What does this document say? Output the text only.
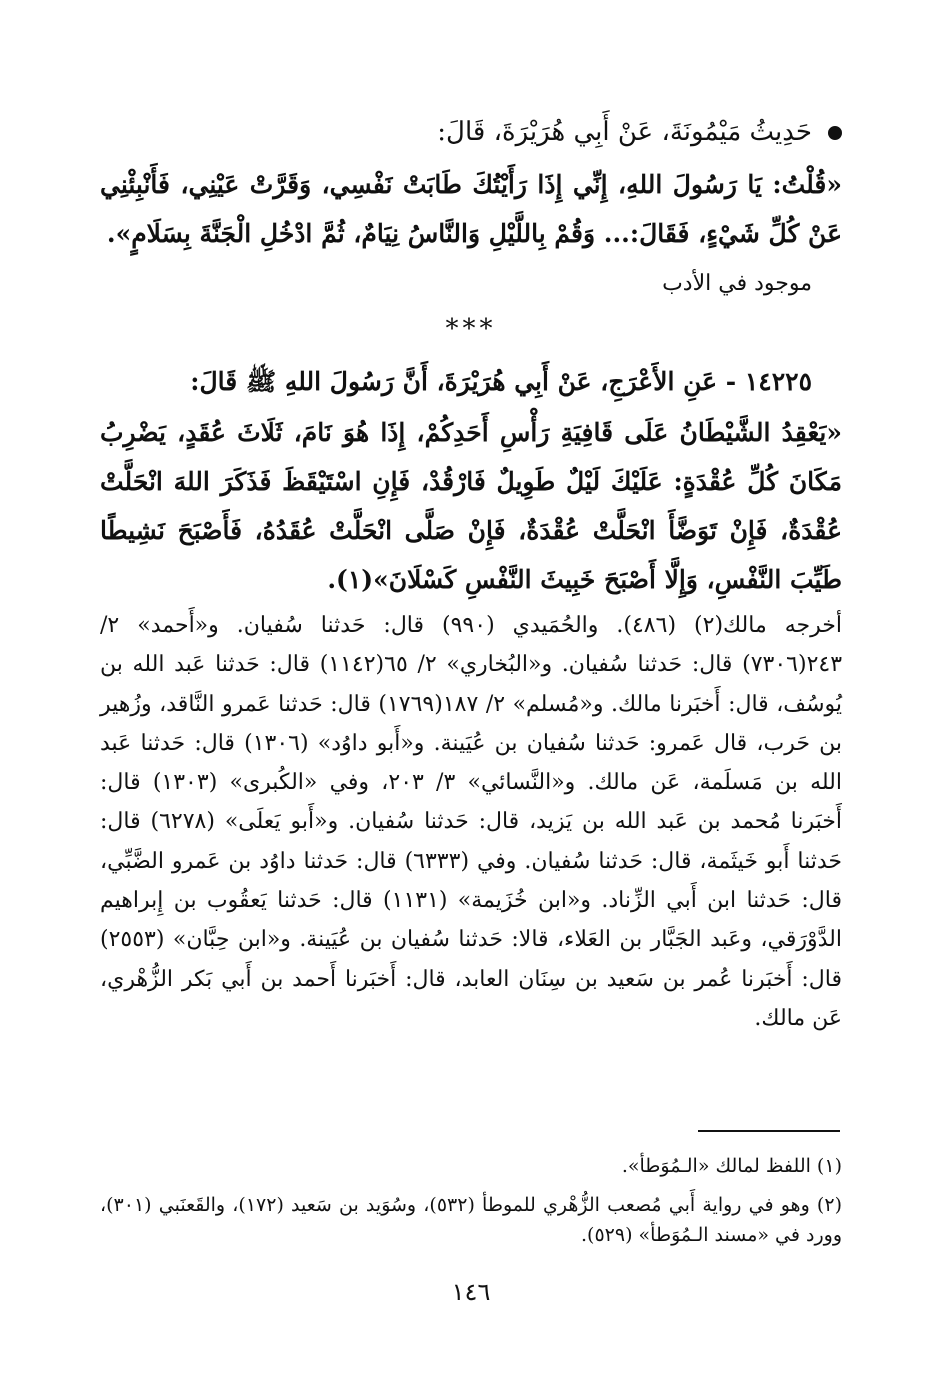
حَدِيثُ مَيْمُونَةَ، عَنْ أَبِي هُرَيْرَةَ، قَالَ:
«قُلْتُ: يَا رَسُولَ اللهِ، إِنِّي إِذَا رَأَيْتُكَ طَابَتْ نَفْسِي، وَقَرَّتْ عَيْنِي، فَأَنْبِئْنِي عَنْ كُلِّ شَيْءٍ، فَقَالَ:... وَقُمْ بِاللَّيْلِ وَالنَّاسُ نِيَامٌ، ثُمَّ ادْخُلِ الْجَنَّةَ بِسَلَامٍ».
موجود في الأدب
***
١٤٢٢٥ - عَنِ الأَعْرَجِ، عَنْ أَبِي هُرَيْرَةَ، أَنَّ رَسُولَ اللهِ ﷺ قَالَ:
«يَعْقِدُ الشَّيْطَانُ عَلَى قَافِيَةِ رَأْسِ أَحَدِكُمْ، إِذَا هُوَ نَامَ، ثَلَاثَ عُقَدٍ، يَضْرِبُ مَكَانَ كُلِّ عُقْدَةٍ: عَلَيْكَ لَيْلٌ طَوِيلٌ فَارْقُدْ، فَإِنِ اسْتَيْقَظَ فَذَكَرَ اللهَ انْحَلَّتْ عُقْدَةٌ، فَإِنْ تَوَضَّأَ انْحَلَّتْ عُقْدَةٌ، فَإِنْ صَلَّى انْحَلَّتْ عُقَدُهُ، فَأَصْبَحَ نَشِيطًا طَيِّبَ النَّفْسِ، وَإِلَّا أَصْبَحَ خَبِيثَ النَّفْسِ كَسْلَانَ»(١).
أخرجه مالك(٢) (٤٨٦). والحُمَيدي (٩٩٠) قال: حَدثنا سُفيان. و«أَحمد» ٢/ ٢٤٣(٧٣٠٦) قال: حَدثنا سُفيان. و«البُخاري» ٢/ ٦٥(١١٤٢) قال: حَدثنا عَبد الله بن يُوسُف، قال: أَخبَرنا مالك. و«مُسلم» ٢/ ١٨٧(١٧٦٩) قال: حَدثنا عَمرو النَّاقد، وزُهير بن حَرب، قال عَمرو: حَدثنا سُفيان بن عُيَينة. و«أَبو داوُد» (١٣٠٦) قال: حَدثنا عَبد الله بن مَسلَمة، عَن مالك. و«النَّسائي» ٣/ ٢٠٣، وفي «الكُبرى» (١٣٠٣) قال: أَخبَرنا مُحمد بن عَبد الله بن يَزيد، قال: حَدثنا سُفيان. و«أَبو يَعلَى» (٦٢٧٨) قال: حَدثنا أَبو خَيثَمة، قال: حَدثنا سُفيان. وفي (٦٣٣٣) قال: حَدثنا داوُد بن عَمرو الضَّبِّي، قال: حَدثنا ابن أَبي الزِّناد. و«ابن خُزَيمة» (١١٣١) قال: حَدثنا يَعقُوب بن إِبراهيم الدَّوْرَقي، وعَبد الجَبَّار بن العَلاء، قالا: حَدثنا سُفيان بن عُيَينة. و«ابن حِبَّان» (٢٥٥٣) قال: أَخبَرنا عُمر بن سَعيد بن سِنَان العابد، قال: أَخبَرنا أَحمد بن أَبي بَكر الزُّهْري، عَن مالك.
(١) اللفظ لمالك «الـمُوَطأ».
(٢) وهو في رواية أَبي مُصعب الزُّهْري للموطأ (٥٣٢)، وسُوَيد بن سَعيد (١٧٢)، والقَعنَبي (٣٠١)، وورد في «مسند الـمُوَطأ» (٥٢٩).
١٤٦
